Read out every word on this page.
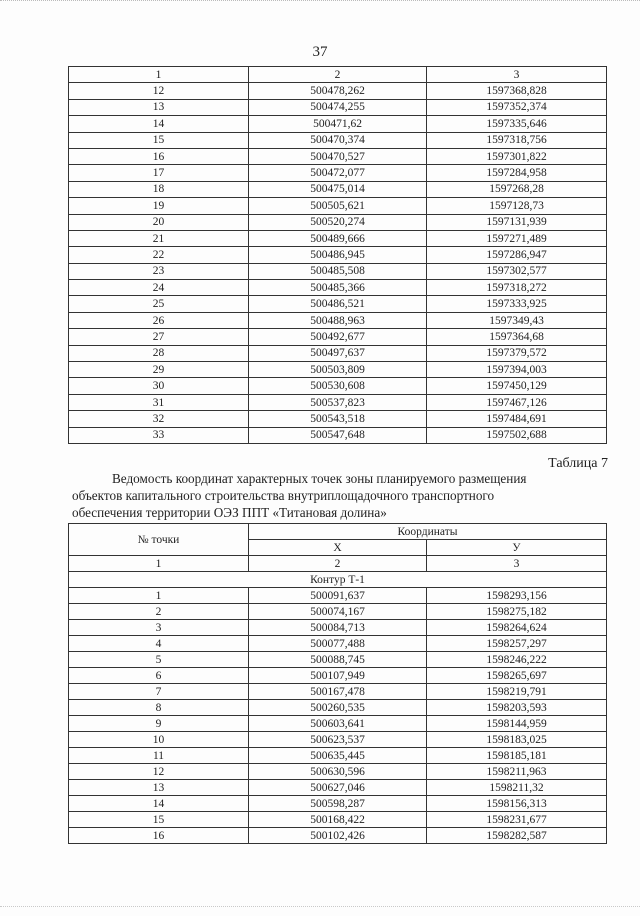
37
1	2	3
12	500478,262	1597368,828
13	500474,255	1597352,374
14	500471,62	1597335,646
15	500470,374	1597318,756
16	500470,527	1597301,822
17	500472,077	1597284,958
18	500475,014	1597268,28
19	500505,621	1597128,73
20	500520,274	1597131,939
21	500489,666	1597271,489
22	500486,945	1597286,947
23	500485,508	1597302,577
24	500485,366	1597318,272
25	500486,521	1597333,925
26	500488,963	1597349,43
27	500492,677	1597364,68
28	500497,637	1597379,572
29	500503,809	1597394,003
30	500530,608	1597450,129
31	500537,823	1597467,126
32	500543,518	1597484,691
33	500547,648	1597502,688
Таблица 7
Ведомость координат характерных точек зоны планируемого размещения
объектов капитального строительства внутриплощадочного транспортного
обеспечения территории ОЭЗ ППТ «Титановая долина»
№ точки	Координаты	
	X	У
1	2	3
Контур Т-1		
1	500091,637	1598293,156
2	500074,167	1598275,182
3	500084,713	1598264,624
4	500077,488	1598257,297
5	500088,745	1598246,222
6	500107,949	1598265,697
7	500167,478	1598219,791
8	500260,535	1598203,593
9	500603,641	1598144,959
10	500623,537	1598183,025
11	500635,445	1598185,181
12	500630,596	1598211,963
13	500627,046	1598211,32
14	500598,287	1598156,313
15	500168,422	1598231,677
16	500102,426	1598282,587
